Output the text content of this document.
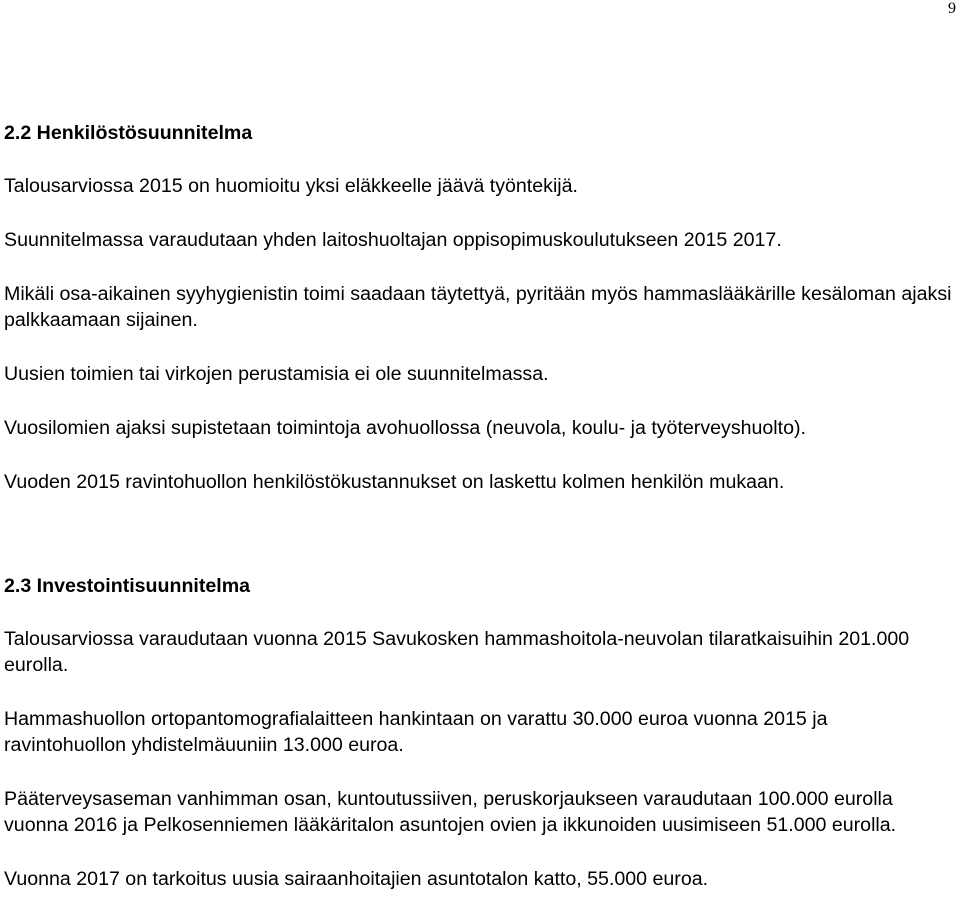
9
2.2 Henkilöstösuunnitelma

Talousarviossa 2015 on huomioitu yksi eläkkeelle jäävä työntekijä.

Suunnitelmassa varaudutaan yhden laitoshuoltajan oppisopimuskoulutukseen 2015 2017.

Mikäli osa-aikainen syyhygienistin toimi saadaan täytettyä, pyritään myös hammaslääkärille kesäloman ajaksi palkkaamaan sijainen.

Uusien toimien tai virkojen perustamisia ei ole suunnitelmassa.

Vuosilomien ajaksi supistetaan toimintoja avohuollossa (neuvola, koulu- ja työterveyshuolto).

Vuoden 2015 ravintohuollon henkilöstökustannukset on laskettu kolmen henkilön mukaan.

2.3 Investointisuunnitelma

Talousarviossa varaudutaan vuonna 2015 Savukosken hammashoitola-neuvolan tilaratkaisuihin 201.000 eurolla.

Hammashuollon ortopantomografialaitteen hankintaan on varattu 30.000 euroa vuonna 2015 ja ravintohuollon yhdistelmäuuniin 13.000 euroa.

Pääterveysaseman vanhimman osan, kuntoutussiiven, peruskorjaukseen varaudutaan 100.000 eurolla vuonna 2016 ja Pelkosenniemen lääkäritalon asuntojen ovien ja ikkunoiden uusimiseen 51.000 eurolla.

Vuonna 2017 on tarkoitus uusia sairaanhoitajien asuntotalon katto, 55.000 euroa.
